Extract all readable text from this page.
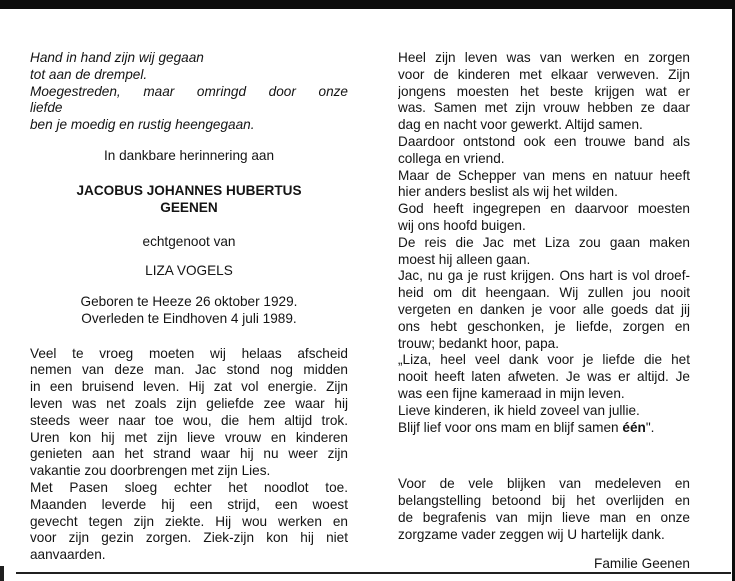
Hand in hand zijn wij gegaan
tot aan de drempel.
Moegestreden, maar omringd door onze
liefde
ben je moedig en rustig heengegaan.
In dankbare herinnering aan
JACOBUS JOHANNES HUBERTUS
GEENEN
echtgenoot van
LIZA VOGELS
Geboren te Heeze 26 oktober 1929.
Overleden te Eindhoven 4 juli 1989.
Veel te vroeg moeten wij helaas afscheid
nemen van deze man. Jac stond nog midden
in een bruisend leven. Hij zat vol energie. Zijn
leven was net zoals zijn geliefde zee waar hij
steeds weer naar toe wou, die hem altijd trok.
Uren kon hij met zijn lieve vrouw en kinderen
genieten aan het strand waar hij nu weer zijn
vakantie zou doorbrengen met zijn Lies.
Met Pasen sloeg echter het noodlot toe.
Maanden leverde hij een strijd, een woest
gevecht tegen zijn ziekte. Hij wou werken en
voor zijn gezin zorgen. Ziek-zijn kon hij niet
aanvaarden.
Heel zijn leven was van werken en zorgen
voor de kinderen met elkaar verweven. Zijn
jongens moesten het beste krijgen wat er
was. Samen met zijn vrouw hebben ze daar
dag en nacht voor gewerkt. Altijd samen.
Daardoor ontstond ook een trouwe band als
collega en vriend.
Maar de Schepper van mens en natuur heeft
hier anders beslist als wij het wilden.
God heeft ingegrepen en daarvoor moesten
wij ons hoofd buigen.
De reis die Jac met Liza zou gaan maken
moest hij alleen gaan.
Jac, nu ga je rust krijgen. Ons hart is vol droef-
heid om dit heengaan. Wij zullen jou nooit
vergeten en danken je voor alle goeds dat jij
ons hebt geschonken, je liefde, zorgen en
trouw; bedankt hoor, papa.
„Liza, heel veel dank voor je liefde die het
nooit heeft laten afweten. Je was er altijd. Je
was een fijne kameraad in mijn leven.
Lieve kinderen, ik hield zoveel van jullie.
Blijf lief voor ons mam en blijf samen één".
Voor de vele blijken van medeleven en
belangstelling betoond bij het overlijden en
de begrafenis van mijn lieve man en onze
zorgzame vader zeggen wij U hartelijk dank.
Familie Geenen
